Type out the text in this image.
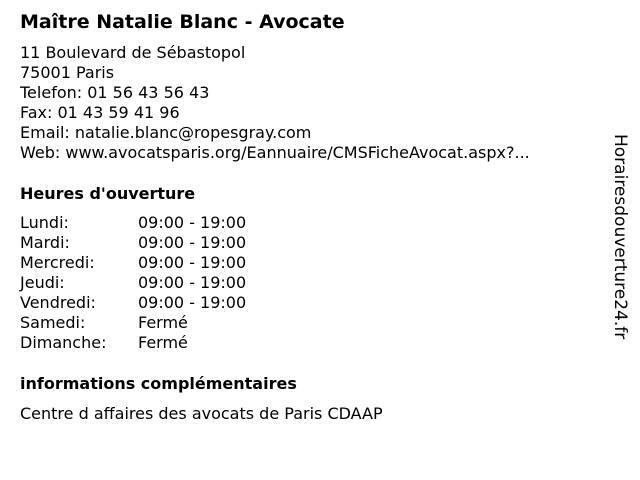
Maître Natalie Blanc - Avocate
11 Boulevard de Sébastopol
75001 Paris
Telefon: 01 56 43 56 43
Fax: 01 43 59 41 96
Email: natalie.blanc@ropesgray.com
Web: www.avocatsparis.org/Eannuaire/CMSFicheAvocat.aspx?...
Heures d'ouverture
Lundi:	09:00 - 19:00
Mardi:	09:00 - 19:00
Mercredi:	09:00 - 19:00
Jeudi:	09:00 - 19:00
Vendredi:	09:00 - 19:00
Samedi:	Fermé
Dimanche: Fermé
informations complémentaires
Centre d affaires des avocats de Paris CDAAP
Horairesdouverture24.fr
